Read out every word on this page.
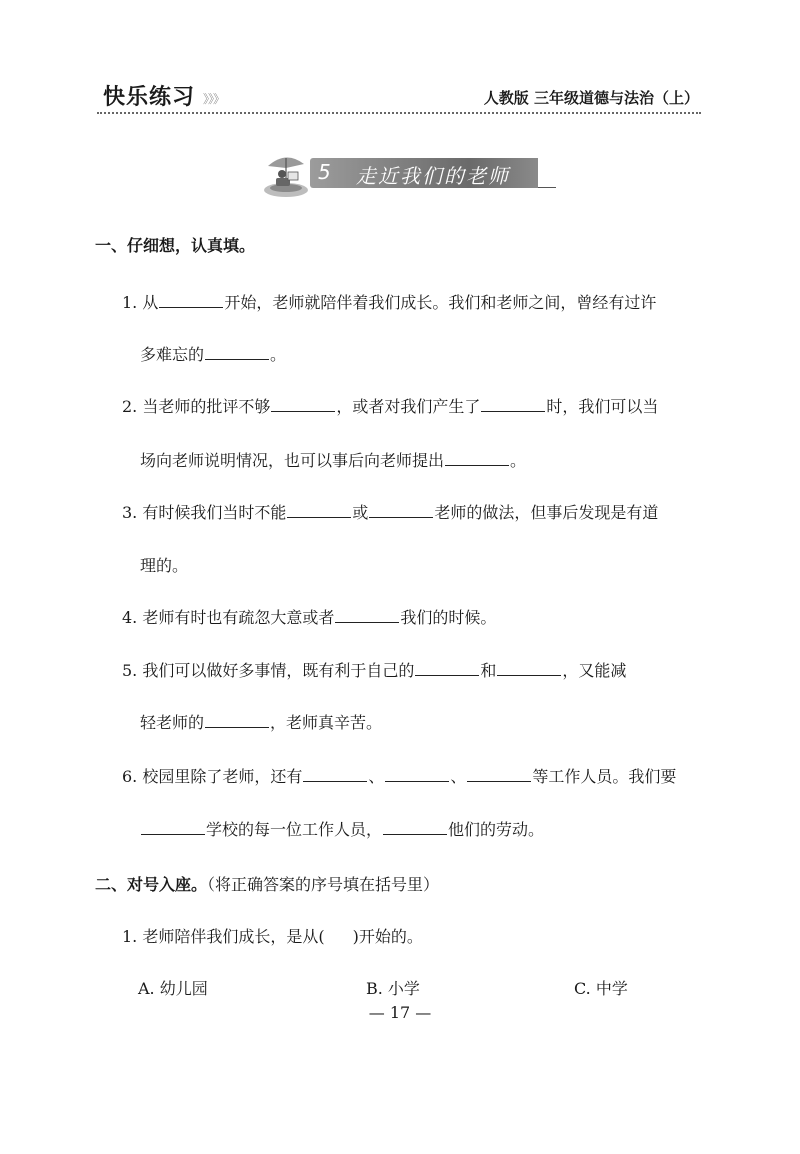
快乐练习 》》》	人教版 三年级道德与法治（上）
5 走近我们的老师
一、仔细想，认真填。
1. 从	开始，老师就陪伴着我们成长。我们和老师之间，曾经有过许
多难忘的	。
2. 当老师的批评不够	，或者对我们产生了	时，我们可以当
场向老师说明情况，也可以事后向老师提出	。
3. 有时候我们当时不能	或	老师的做法，但事后发现是有道
理的。
4. 老师有时也有疏忽大意或者	我们的时候。
5. 我们可以做好多事情，既有利于自己的	和	，又能减
轻老师的	，老师真辛苦。
6. 校园里除了老师，还有	、	、	等工作人员。我们要
学校的每一位工作人员，	他们的劳动。
二、对号入座。（将正确答案的序号填在括号里）
1. 老师陪伴我们成长，是从( )开始的。
A. 幼儿园	B. 小学	C. 中学
— 17 —
